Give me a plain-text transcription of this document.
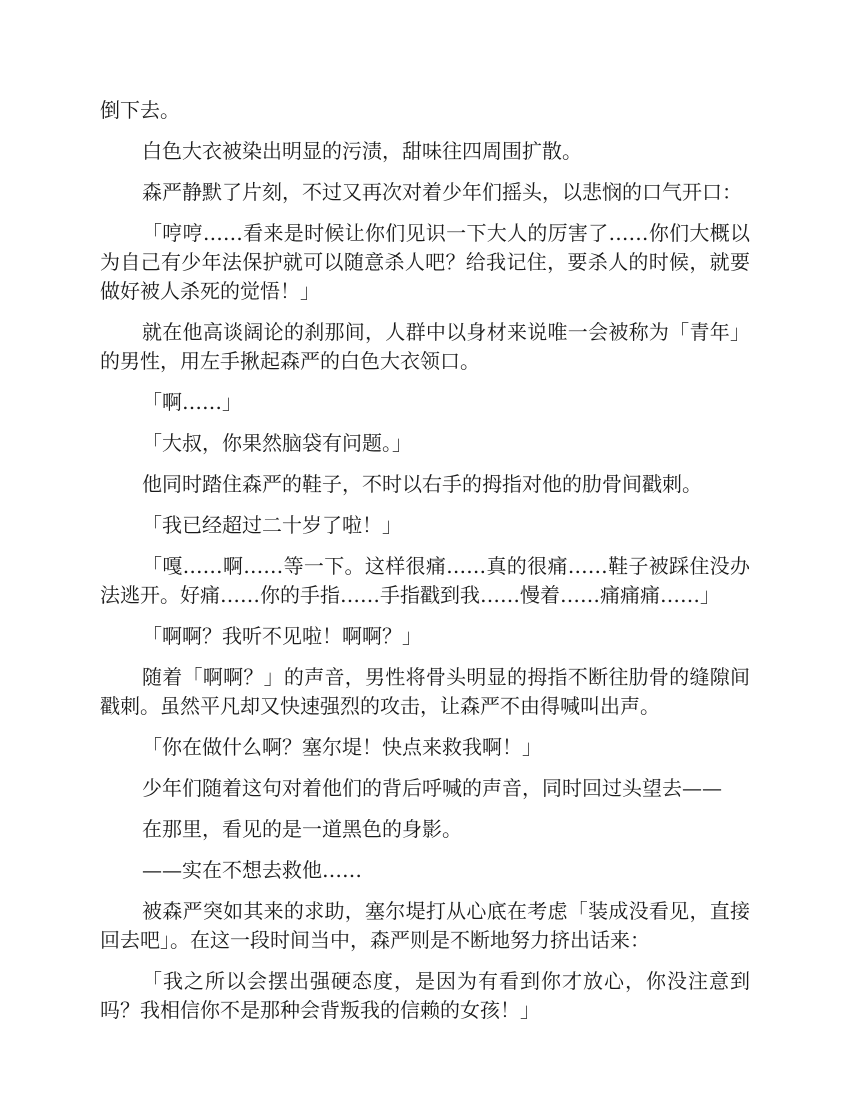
倒下去。

白色大衣被染出明显的污渍，甜味往四周围扩散。

森严静默了片刻，不过又再次对着少年们摇头，以悲悯的口气开口：

「哼哼……看来是时候让你们见识一下大人的厉害了……你们大概以为自己有少年法保护就可以随意杀人吧？给我记住，要杀人的时候，就要做好被人杀死的觉悟！」

就在他高谈阔论的刹那间，人群中以身材来说唯一会被称为「青年」的男性，用左手揪起森严的白色大衣领口。

「啊……」

「大叔，你果然脑袋有问题。」

他同时踏住森严的鞋子，不时以右手的拇指对他的肋骨间戳刺。

「我已经超过二十岁了啦！」

「嘎……啊……等一下。这样很痛……真的很痛……鞋子被踩住没办法逃开。好痛……你的手指……手指戳到我……慢着……痛痛痛……」

「啊啊？我听不见啦！啊啊？」

随着「啊啊？」的声音，男性将骨头明显的拇指不断往肋骨的缝隙间戳刺。虽然平凡却又快速强烈的攻击，让森严不由得喊叫出声。

「你在做什么啊？塞尔堤！快点来救我啊！」

少年们随着这句对着他们的背后呼喊的声音，同时回过头望去——

在那里，看见的是一道黑色的身影。

——实在不想去救他……

被森严突如其来的求助，塞尔堤打从心底在考虑「装成没看见，直接回去吧」。在这一段时间当中，森严则是不断地努力挤出话来：

「我之所以会摆出强硬态度，是因为有看到你才放心，你没注意到吗？我相信你不是那种会背叛我的信赖的女孩！」
